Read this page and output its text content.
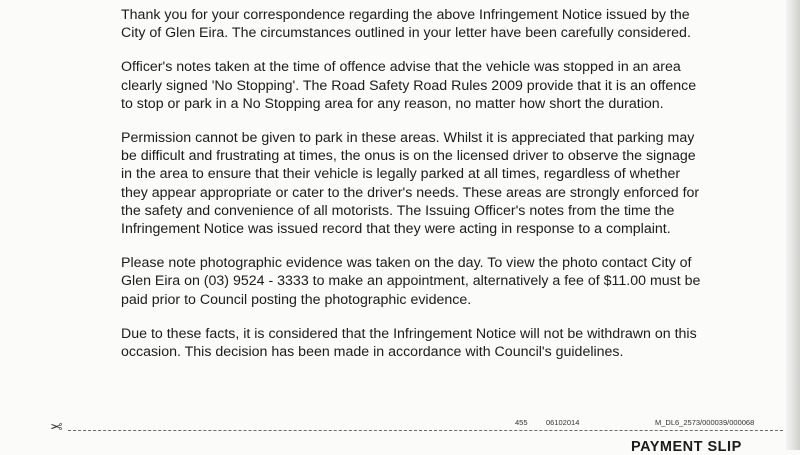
Thank you for your correspondence regarding the above Infringement Notice issued by the
City of Glen Eira. The circumstances outlined in your letter have been carefully considered.

Officer's notes taken at the time of offence advise that the vehicle was stopped in an area
clearly signed 'No Stopping'. The Road Safety Road Rules 2009 provide that it is an offence
to stop or park in a No Stopping area for any reason, no matter how short the duration.

Permission cannot be given to park in these areas. Whilst it is appreciated that parking may
be difficult and frustrating at times, the onus is on the licensed driver to observe the signage
in the area to ensure that their vehicle is legally parked at all times, regardless of whether
they appear appropriate or cater to the driver's needs. These areas are strongly enforced for
the safety and convenience of all motorists. The Issuing Officer's notes from the time the
Infringement Notice was issued record that they were acting in response to a complaint.

Please note photographic evidence was taken on the day. To view the photo contact City of
Glen Eira on (03) 9524 - 3333 to make an appointment, alternatively a fee of $11.00 must be
paid prior to Council posting the photographic evidence.

Due to these facts, it is considered that the Infringement Notice will not be withdrawn on this
occasion. This decision has been made in accordance with Council's guidelines.

455 06102014	M_DL6_2573/000039/000068
✂
PAYMENT SLIP
